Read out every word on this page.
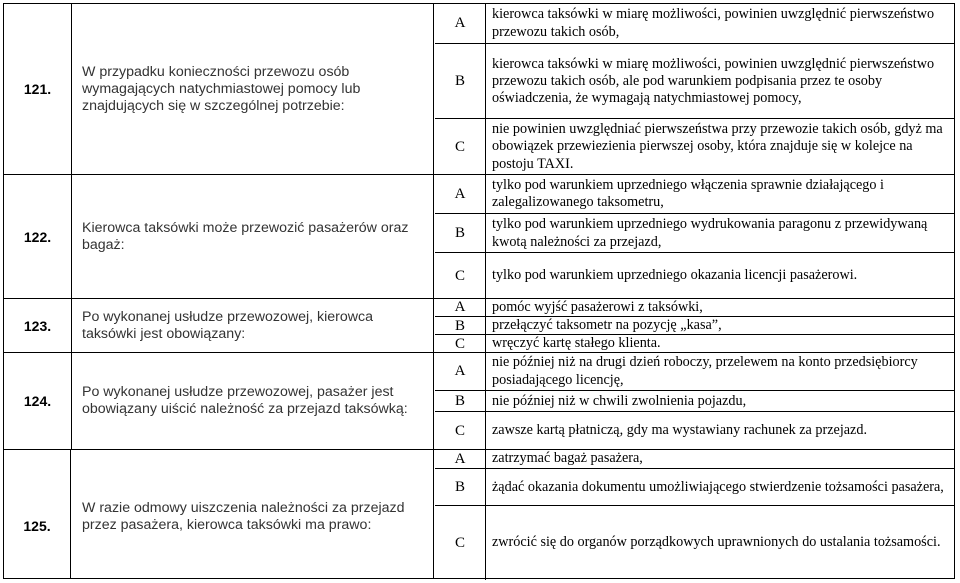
121.
W przypadku konieczności przewozu osób wymagających natychmiastowej pomocy lub znajdujących się w szczególnej potrzebie:
A
kierowca taksówki w miarę możliwości, powinien uwzględnić pierwszeństwo przewozu takich osób,
B
kierowca taksówki w miarę możliwości, powinien uwzględnić pierwszeństwo przewozu takich osób, ale pod warunkiem podpisania przez te osoby oświadczenia, że wymagają natychmiastowej pomocy,
C
nie powinien uwzględniać pierwszeństwa przy przewozie takich osób, gdyż ma obowiązek przewiezienia pierwszej osoby, która znajduje się w kolejce na postoju TAXI.
122.
Kierowca taksówki może przewozić pasażerów oraz bagaż:
A
tylko pod warunkiem uprzedniego włączenia sprawnie działającego i zalegalizowanego taksometru,
B
tylko pod warunkiem uprzedniego wydrukowania paragonu z przewidywaną kwotą należności za przejazd,
C	tylko pod warunkiem uprzedniego okazania licencji pasażerowi.
123.
Po wykonanej usłudze przewozowej, kierowca taksówki jest obowiązany:
A	pomóc wyjść pasażerowi z taksówki,
B	przełączyć taksometr na pozycję „kasa”,
C	wręczyć kartę stałego klienta.
124.
Po wykonanej usłudze przewozowej, pasażer jest obowiązany uiścić należność za przejazd taksówką:
A
nie później niż na drugi dzień roboczy, przelewem na konto przedsiębiorcy posiadającego licencję,
B	nie później niż w chwili zwolnienia pojazdu,
C	zawsze kartą płatniczą, gdy ma wystawiany rachunek za przejazd.
125.
W razie odmowy uiszczenia należności za przejazd przez pasażera, kierowca taksówki ma prawo:
A	zatrzymać bagaż pasażera,
B	żądać okazania dokumentu umożliwiającego stwierdzenie tożsamości pasażera,
C	zwrócić się do organów porządkowych uprawnionych do ustalania tożsamości.
